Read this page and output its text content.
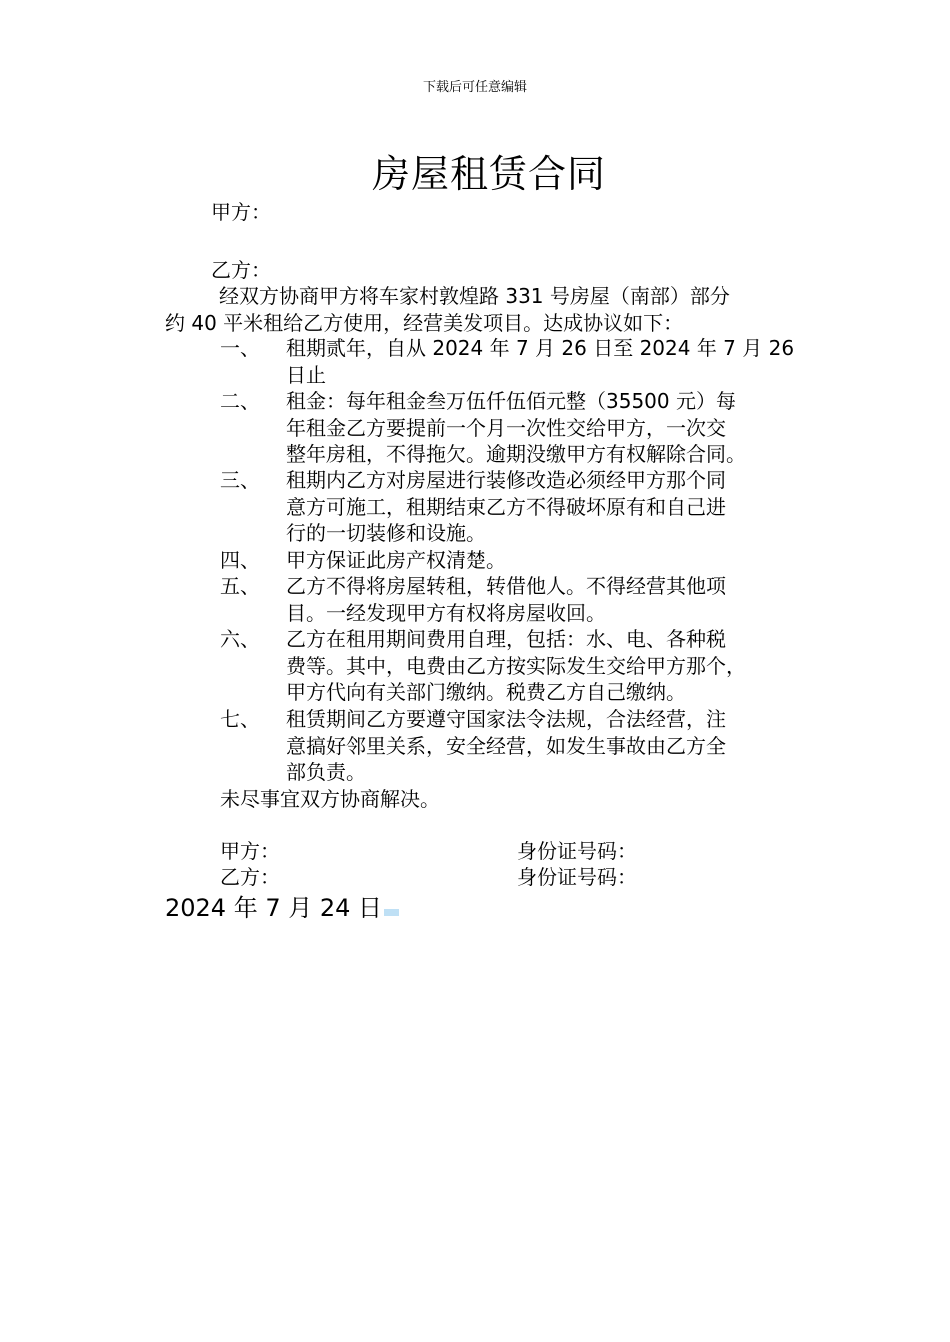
下载后可任意编辑
房屋租赁合同
甲方：
乙方：
经双方协商甲方将车家村敦煌路 331 号房屋（南部）部分
约 40 平米租给乙方使用，经营美发项目。达成协议如下：
一、 租期贰年，自从 2024 年 7 月 26 日至 2024 年 7 月 26
日止
二、 租金：每年租金叁万伍仟伍佰元整（35500 元）每
年租金乙方要提前一个月一次性交给甲方，一次交
整年房租，不得拖欠。逾期没缴甲方有权解除合同。
三、 租期内乙方对房屋进行装修改造必须经甲方那个同
意方可施工，租期结束乙方不得破坏原有和自己进
行的一切装修和设施。
四、 甲方保证此房产权清楚。
五、 乙方不得将房屋转租，转借他人。不得经营其他项
目。一经发现甲方有权将房屋收回。
六、 乙方在租用期间费用自理，包括：水、电、各种税
费等。其中，电费由乙方按实际发生交给甲方那个，
甲方代向有关部门缴纳。税费乙方自己缴纳。
七、 租赁期间乙方要遵守国家法令法规，合法经营，注
意搞好邻里关系，安全经营，如发生事故由乙方全
部负责。
未尽事宜双方协商解决。
甲方：	身份证号码：
乙方：	身份证号码：
2024 年 7 月 24 日
